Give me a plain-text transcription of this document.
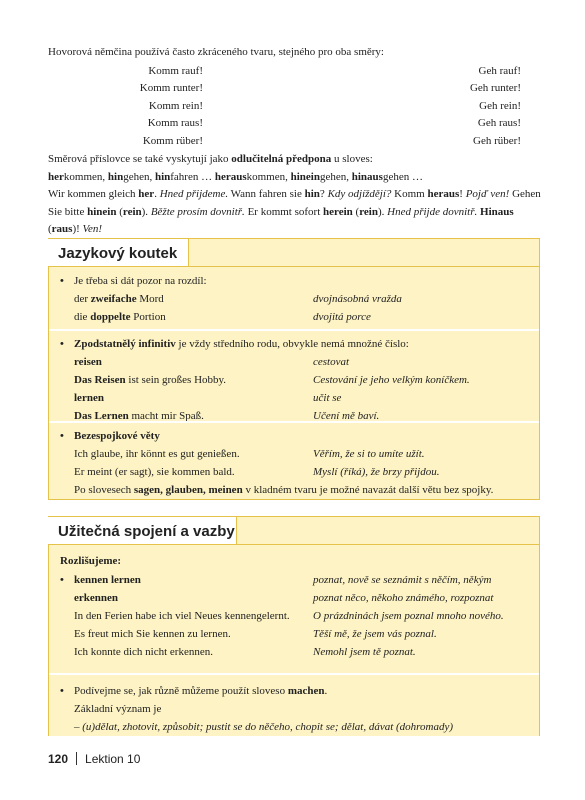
Hovorová němčina používá často zkráceného tvaru, stejného pro oba směry:

Komm rauf!	Geh rauf!
Komm runter!	Geh runter!
Komm rein!	Geh rein!
Komm raus!	Geh raus!
Komm rüber!	Geh rüber!

Směrová příslovce se také vyskytují jako odlučitelná předpona u sloves:

herkommen, hingehen, hinfahren … herauskommen, hineingehen, hinausgehen …

Wir kommen gleich her. Hned přijdeme. Wann fahren sie hin? Kdy odjíždějí? Komm heraus! Pojď ven! Gehen Sie bitte hinein (rein). Běžte prosím dovnitř. Er kommt sofort herein (rein). Hned přijde dovnitř. Hinaus (raus)! Ven!

Jazykový koutek
• Je třeba si dát pozor na rozdíl:
der zweifache Mord	dvojnásobná vražda
die doppelte Portion	dvojitá porce
• Zpodstatnělý infinitiv je vždy středního rodu, obvykle nemá množné číslo:
reisen	cestovat
Das Reisen ist sein großes Hobby.	Cestování je jeho velkým koníčkem.
lernen	učit se
Das Lernen macht mir Spaß.	Učení mě baví.
• Bezespojkové věty
Ich glaube, ihr könnt es gut genießen.	Věřím, že si to umíte užít.
Er meint (er sagt), sie kommen bald.	Myslí (říká), že brzy přijdou.
Po slovesech sagen, glauben, meinen v kladném tvaru je možné navazát další větu bez spojky.
Užitečná spojení a vazby
Rozlišujeme:
• kennen lernen	poznat, nově se seznámit s něčím, někým
erkennen	poznat něco, někoho známého, rozpoznat
In den Ferien habe ich viel Neues kennengelernt. O prázdninách jsem poznal mnoho nového.
Es freut mich Sie kennen zu lernen.	Těší mě, že jsem vás poznal.
Ich konnte dich nicht erkennen.	Nemohl jsem tě poznat.
• Podívejme se, jak různě můžeme použít sloveso machen.
Základní význam je
– (u)dělat, zhotovit, způsobit; pustit se do něčeho, chopit se; dělat, dávat (dohromady)
120 Lektion 10
